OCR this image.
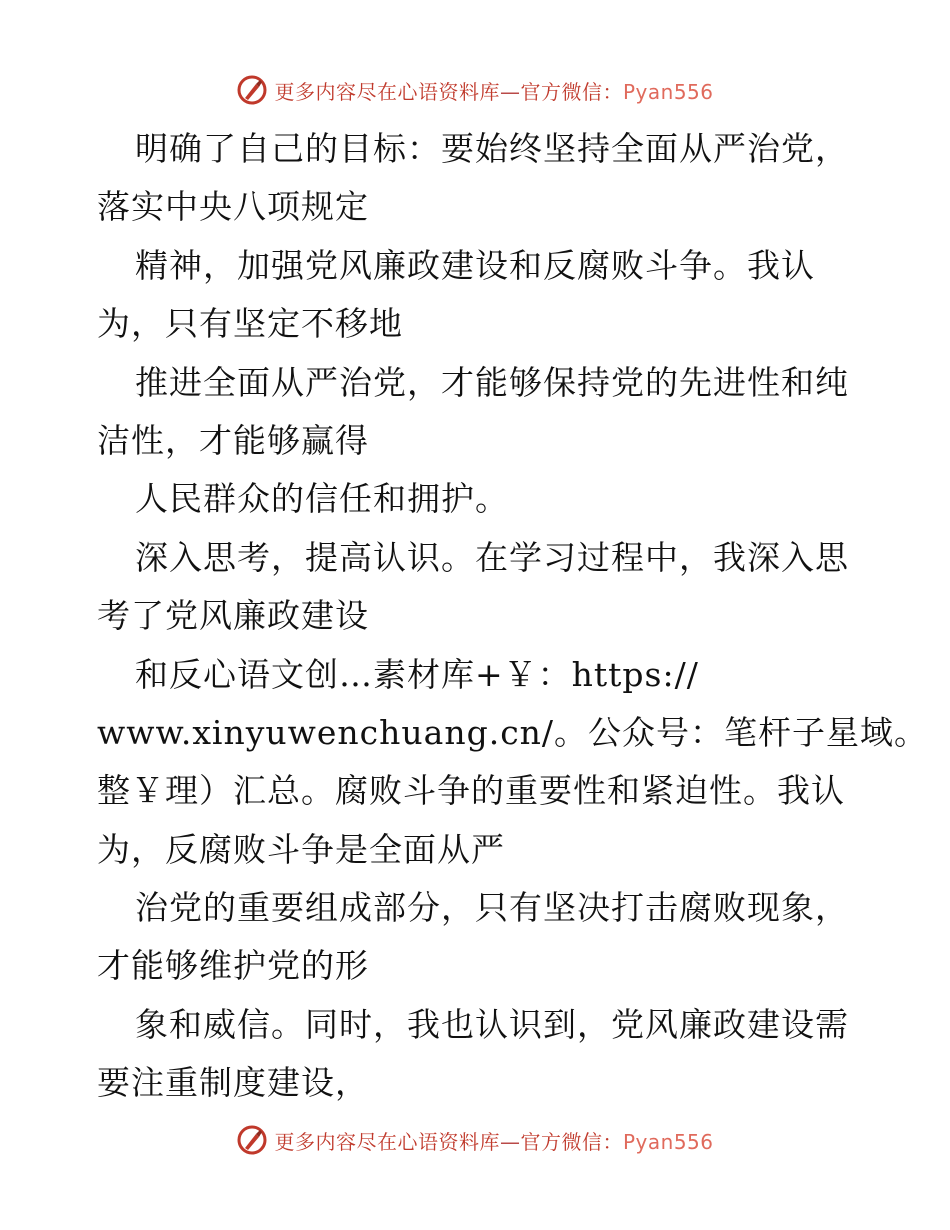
更多内容尽在心语资料库—官方微信：Pyan556
明确了自己的目标：要始终坚持全面从严治党，
落实中央八项规定
精神，加强党风廉政建设和反腐败斗争。我认
为，只有坚定不移地
推进全面从严治党，才能够保持党的先进性和纯
洁性，才能够赢得
人民群众的信任和拥护。
深入思考，提高认识。在学习过程中，我深入思
考了党风廉政建设
和反心语文创…素材库+￥：https://
www.xinyuwenchuang.cn/。公众号：笔杆子星域。
整￥理）汇总。腐败斗争的重要性和紧迫性。我认
为，反腐败斗争是全面从严
治党的重要组成部分，只有坚决打击腐败现象，
才能够维护党的形
象和威信。同时，我也认识到，党风廉政建设需
要注重制度建设，
更多内容尽在心语资料库—官方微信：Pyan556
